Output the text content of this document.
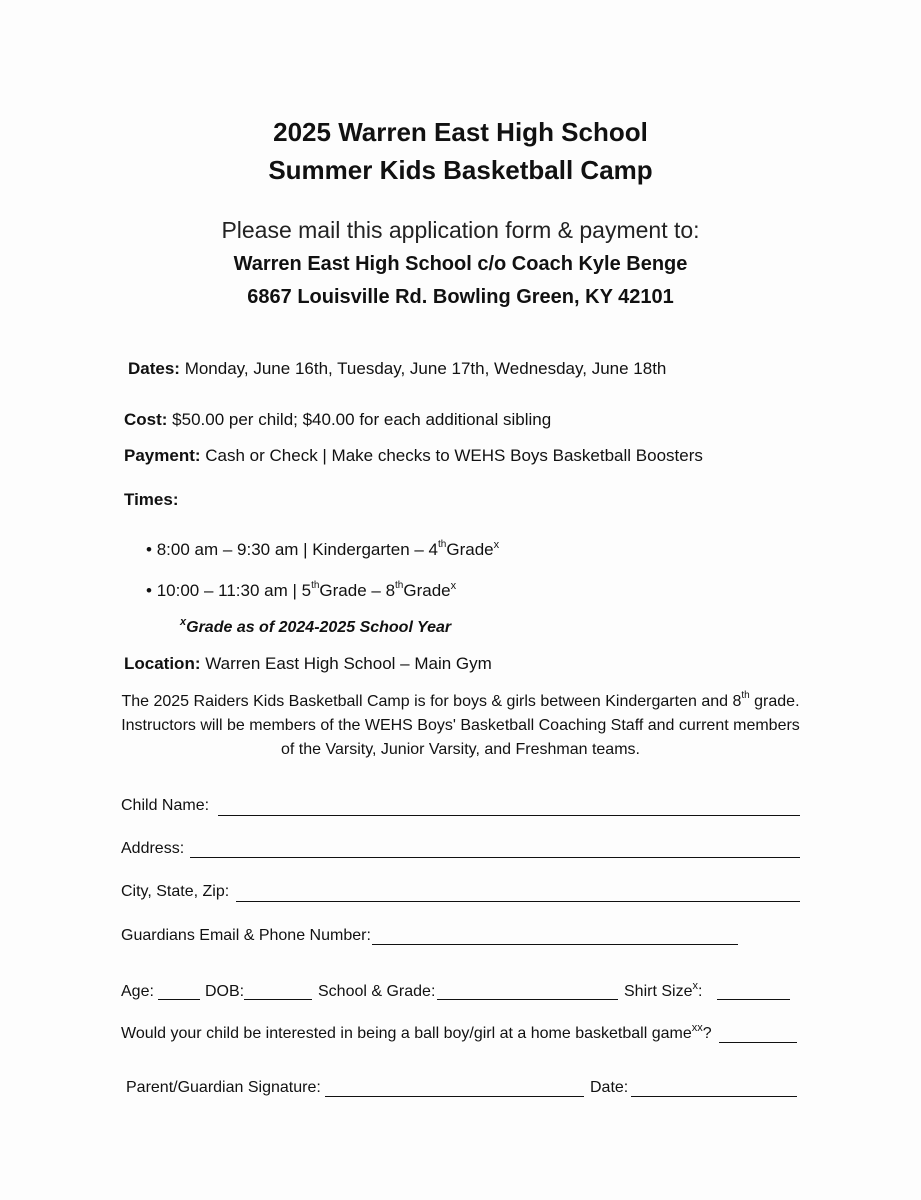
2025 Warren East High School
Summer Kids Basketball Camp
Please mail this application form & payment to:
Warren East High School c/o Coach Kyle Benge
6867 Louisville Rd. Bowling Green, KY 42101
Dates: Monday, June 16th, Tuesday, June 17th, Wednesday, June 18th
Cost: $50.00 per child; $40.00 for each additional sibling
Payment: Cash or Check | Make checks to WEHS Boys Basketball Boosters
Times:
• 8:00 am – 9:30 am | Kindergarten – 4thGrade$^x$
• 10:00 – 11:30 am | 5thGrade – 8thGrade$^x$
$^x$Grade as of 2024-2025 School Year
Location: Warren East High School – Main Gym
The 2025 Raiders Kids Basketball Camp is for boys & girls between Kindergarten and 8th grade.
Instructors will be members of the WEHS Boys' Basketball Coaching Staff and current members
of the Varsity, Junior Varsity, and Freshman teams.
Child Name:
Address:
City, State, Zip:
Guardians Email & Phone Number:
Age:	DOB:	School & Grade:	Shirt Size$^x$:
Would your child be interested in being a ball boy/girl at a home basketball game$^{xx}$?
Parent/Guardian Signature:	Date:
